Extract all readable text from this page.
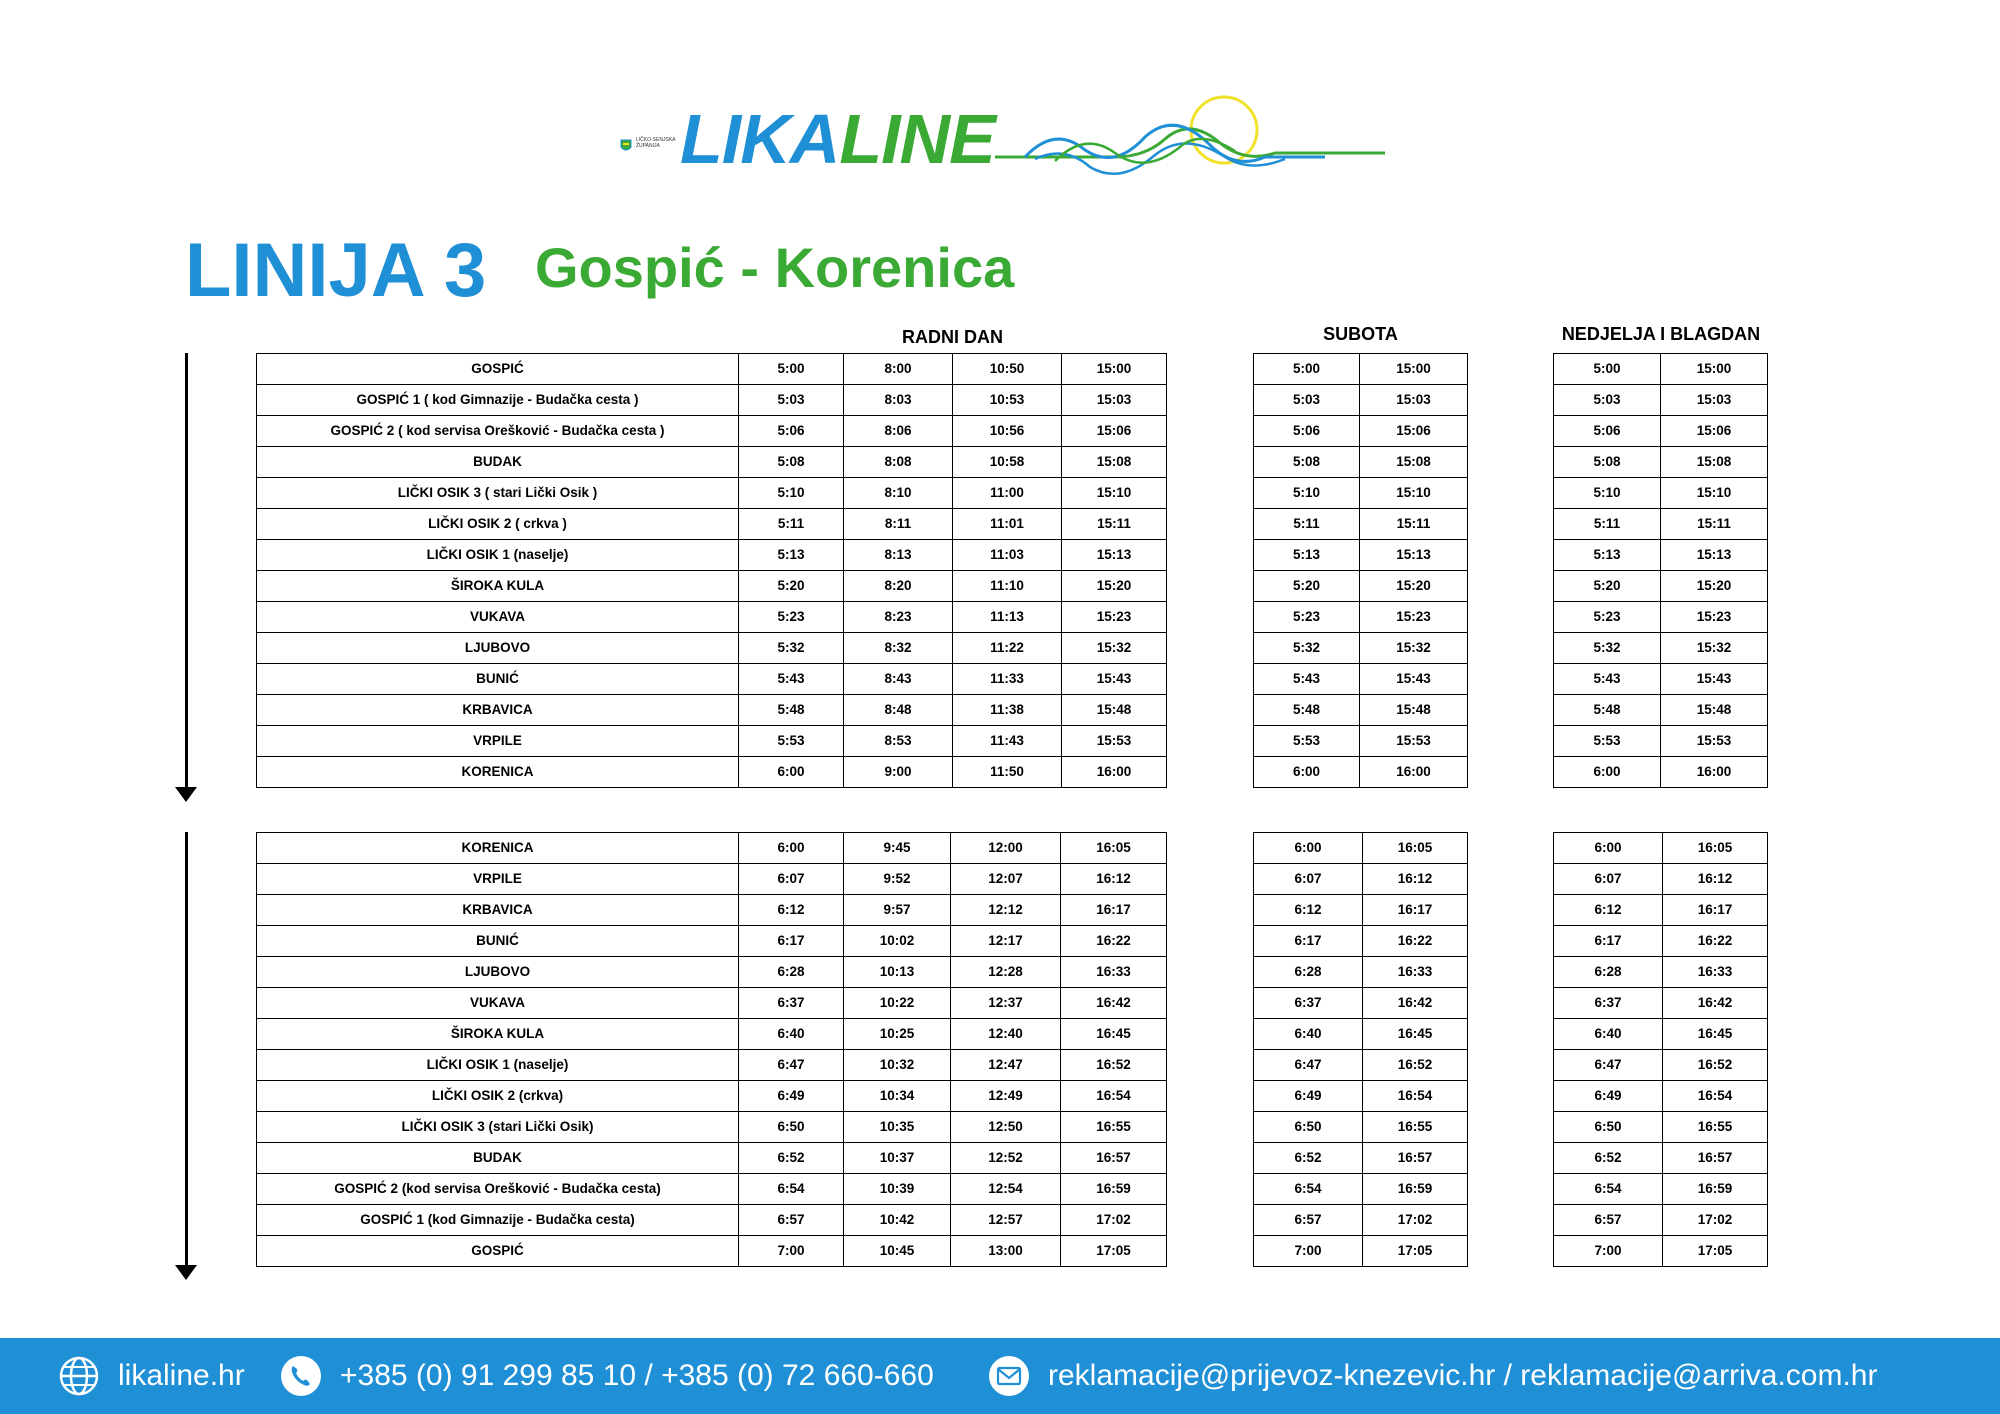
LIČKO-SENJSKA ŽUPANIJA LIKALINE
LINIJA 3 Gospić - Korenica
RADNI DAN	SUBOTA	NEDJELJA I BLAGDAN
GOSPIĆ	5:00	8:00	10:50	15:00
GOSPIĆ 1 ( kod Gimnazije - Budačka cesta )	5:03	8:03	10:53	15:03
GOSPIĆ 2 ( kod servisa Orešković - Budačka cesta )	5:06	8:06	10:56	15:06
BUDAK	5:08	8:08	10:58	15:08
LIČKI OSIK 3 ( stari Lički Osik )	5:10	8:10	11:00	15:10
LIČKI OSIK 2 ( crkva )	5:11	8:11	11:01	15:11
LIČKI OSIK 1 (naselje)	5:13	8:13	11:03	15:13
ŠIROKA KULA	5:20	8:20	11:10	15:20
VUKAVA	5:23	8:23	11:13	15:23
LJUBOVO	5:32	8:32	11:22	15:32
BUNIĆ	5:43	8:43	11:33	15:43
KRBAVICA	5:48	8:48	11:38	15:48
VRPILE	5:53	8:53	11:43	15:53
KORENICA	6:00	9:00	11:50	16:00
5:00	15:00
5:03	15:03
5:06	15:06
5:08	15:08
5:10	15:10
5:11	15:11
5:13	15:13
5:20	15:20
5:23	15:23
5:32	15:32
5:43	15:43
5:48	15:48
5:53	15:53
6:00	16:00
5:00	15:00
5:03	15:03
5:06	15:06
5:08	15:08
5:10	15:10
5:11	15:11
5:13	15:13
5:20	15:20
5:23	15:23
5:32	15:32
5:43	15:43
5:48	15:48
5:53	15:53
6:00	16:00
KORENICA	6:00	9:45	12:00	16:05
VRPILE	6:07	9:52	12:07	16:12
KRBAVICA	6:12	9:57	12:12	16:17
BUNIĆ	6:17	10:02	12:17	16:22
LJUBOVO	6:28	10:13	12:28	16:33
VUKAVA	6:37	10:22	12:37	16:42
ŠIROKA KULA	6:40	10:25	12:40	16:45
LIČKI OSIK 1 (naselje)	6:47	10:32	12:47	16:52
LIČKI OSIK 2 (crkva)	6:49	10:34	12:49	16:54
LIČKI OSIK 3 (stari Lički Osik)	6:50	10:35	12:50	16:55
BUDAK	6:52	10:37	12:52	16:57
GOSPIĆ 2 (kod servisa Orešković - Budačka cesta)	6:54	10:39	12:54	16:59
GOSPIĆ 1 (kod Gimnazije - Budačka cesta)	6:57	10:42	12:57	17:02
GOSPIĆ	7:00	10:45	13:00	17:05
6:00	16:05
6:07	16:12
6:12	16:17
6:17	16:22
6:28	16:33
6:37	16:42
6:40	16:45
6:47	16:52
6:49	16:54
6:50	16:55
6:52	16:57
6:54	16:59
6:57	17:02
7:00	17:05
6:00	16:05
6:07	16:12
6:12	16:17
6:17	16:22
6:28	16:33
6:37	16:42
6:40	16:45
6:47	16:52
6:49	16:54
6:50	16:55
6:52	16:57
6:54	16:59
6:57	17:02
7:00	17:05
likaline.hr	+385 (0) 91 299 85 10 / +385 (0) 72 660-660	reklamacije@prijevoz-knezevic.hr / reklamacije@arriva.com.hr
